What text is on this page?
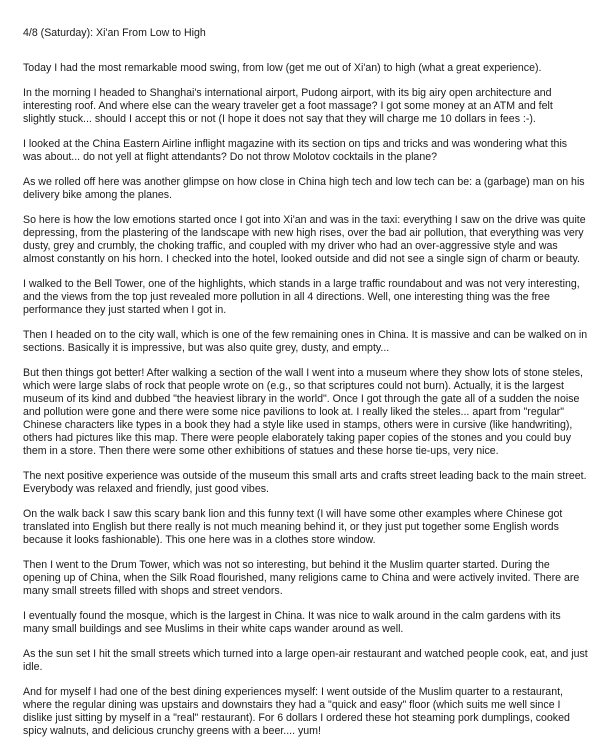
4/8 (Saturday): Xi'an From Low to High

Today I had the most remarkable mood swing, from low (get me out of Xi'an) to high (what a great experience).

In the morning I headed to Shanghai's international airport, Pudong airport, with its big airy open architecture and interesting roof. And where else can the weary traveler get a foot massage? I got some money at an ATM and felt slightly stuck... should I accept this or not (I hope it does not say that they will charge me 10 dollars in fees :-).

I looked at the China Eastern Airline inflight magazine with its section on tips and tricks and was wondering what this was about... do not yell at flight attendants? Do not throw Molotov cocktails in the plane?

As we rolled off here was another glimpse on how close in China high tech and low tech can be: a (garbage) man on his delivery bike among the planes.

So here is how the low emotions started once I got into Xi'an and was in the taxi: everything I saw on the drive was quite depressing, from the plastering of the landscape with new high rises, over the bad air pollution, that everything was very dusty, grey and crumbly, the choking traffic, and coupled with my driver who had an over-aggressive style and was almost constantly on his horn. I checked into the hotel, looked outside and did not see a single sign of charm or beauty.

I walked to the Bell Tower, one of the highlights, which stands in a large traffic roundabout and was not very interesting, and the views from the top just revealed more pollution in all 4 directions. Well, one interesting thing was the free performance they just started when I got in.

Then I headed on to the city wall, which is one of the few remaining ones in China. It is massive and can be walked on in sections. Basically it is impressive, but was also quite grey, dusty, and empty...

But then things got better! After walking a section of the wall I went into a museum where they show lots of stone steles, which were large slabs of rock that people wrote on (e.g., so that scriptures could not burn). Actually, it is the largest museum of its kind and dubbed "the heaviest library in the world". Once I got through the gate all of a sudden the noise and pollution were gone and there were some nice pavilions to look at. I really liked the steles... apart from "regular" Chinese characters like types in a book they had a style like used in stamps, others were in cursive (like handwriting), others had pictures like this map. There were people elaborately taking paper copies of the stones and you could buy them in a store. Then there were some other exhibitions of statues and these horse tie-ups, very nice.

The next positive experience was outside of the museum this small arts and crafts street leading back to the main street. Everybody was relaxed and friendly, just good vibes.

On the walk back I saw this scary bank lion and this funny text (I will have some other examples where Chinese got translated into English but there really is not much meaning behind it, or they just put together some English words because it looks fashionable). This one here was in a clothes store window.

Then I went to the Drum Tower, which was not so interesting, but behind it the Muslim quarter started. During the opening up of China, when the Silk Road flourished, many religions came to China and were actively invited. There are many small streets filled with shops and street vendors.

I eventually found the mosque, which is the largest in China. It was nice to walk around in the calm gardens with its many small buildings and see Muslims in their white caps wander around as well.

As the sun set I hit the small streets which turned into a large open-air restaurant and watched people cook, eat, and just idle.

And for myself I had one of the best dining experiences myself: I went outside of the Muslim quarter to a restaurant, where the regular dining was upstairs and downstairs they had a "quick and easy" floor (which suits me well since I dislike just sitting by myself in a "real" restaurant). For 6 dollars I ordered these hot steaming pork dumplings, cooked spicy walnuts, and delicious crunchy greens with a beer.... yum!
